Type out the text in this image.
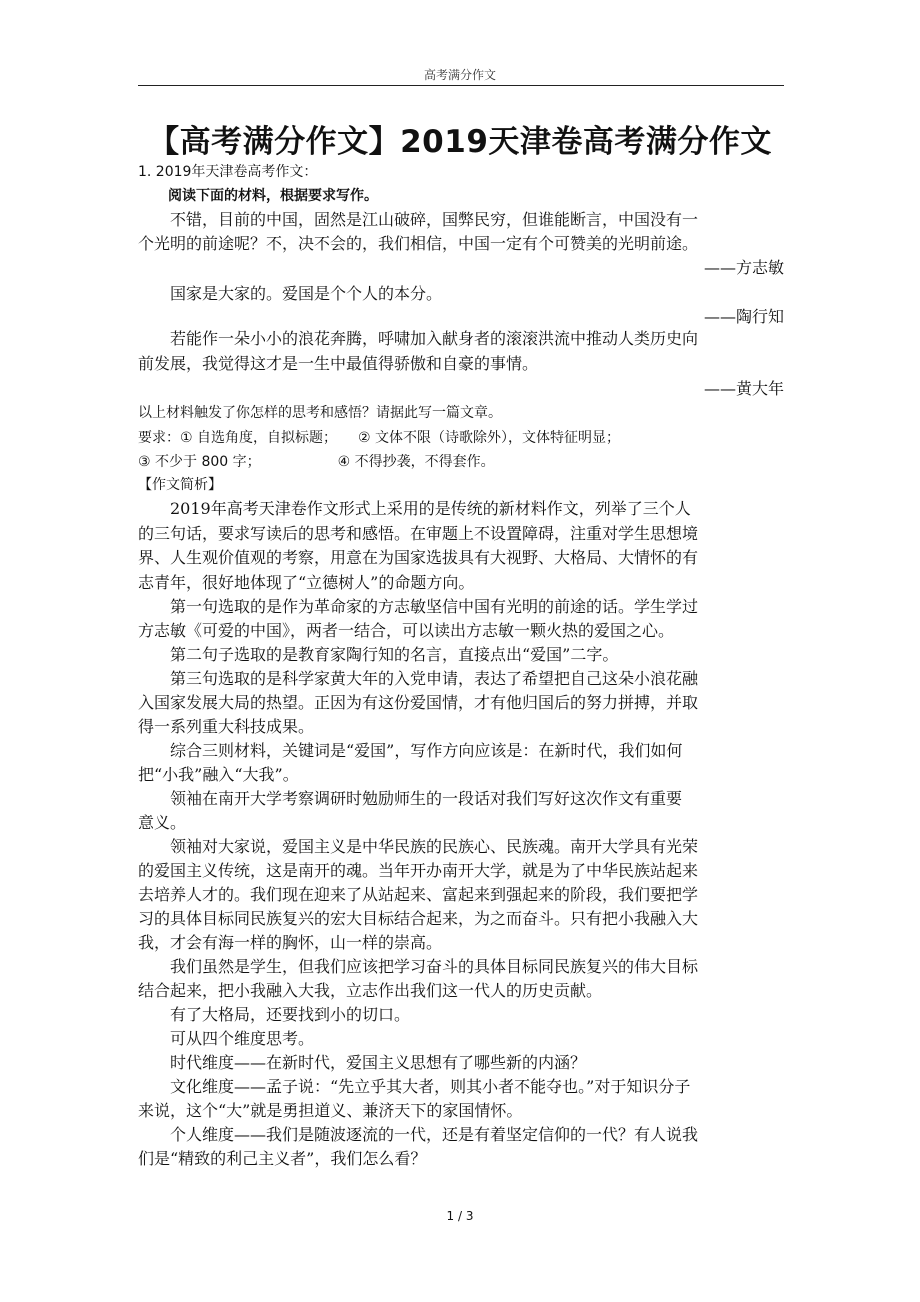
高考满分作文
【高考满分作文】2019天津卷高考满分作文
1. 2019年天津卷高考作文：
阅读下面的材料，根据要求写作。
　　不错，目前的中国，固然是江山破碎，国弊民穷，但谁能断言，中国没有一
个光明的前途呢？不，决不会的，我们相信，中国一定有个可赞美的光明前途。
——方志敏
　　国家是大家的。爱国是个个人的本分。
——陶行知
　　若能作一朵小小的浪花奔腾，呼啸加入献身者的滚滚洪流中推动人类历史向
前发展，我觉得这才是一生中最值得骄傲和自豪的事情。
——黄大年
以上材料触发了你怎样的思考和感悟？请据此写一篇文章。
要求：① 自选角度，自拟标题；　　② 文体不限（诗歌除外），文体特征明显；
③ 不少于 800 字；　　　　　　④ 不得抄袭，不得套作。
【作文简析】
　　2019年高考天津卷作文形式上采用的是传统的新材料作文，列举了三个人
的三句话，要求写读后的思考和感悟。在审题上不设置障碍，注重对学生思想境
界、人生观价值观的考察，用意在为国家选拔具有大视野、大格局、大情怀的有
志青年，很好地体现了“立德树人”的命题方向。
　　第一句选取的是作为革命家的方志敏坚信中国有光明的前途的话。学生学过
方志敏《可爱的中国》，两者一结合，可以读出方志敏一颗火热的爱国之心。
　　第二句子选取的是教育家陶行知的名言，直接点出“爱国”二字。
　　第三句选取的是科学家黄大年的入党申请，表达了希望把自己这朵小浪花融
入国家发展大局的热望。正因为有这份爱国情，才有他归国后的努力拼搏，并取
得一系列重大科技成果。
　　综合三则材料，关键词是“爱国”，写作方向应该是：在新时代，我们如何
把“小我”融入“大我”。
　　领袖在南开大学考察调研时勉励师生的一段话对我们写好这次作文有重要
意义。
　　领袖对大家说，爱国主义是中华民族的民族心、民族魂。南开大学具有光荣
的爱国主义传统，这是南开的魂。当年开办南开大学，就是为了中华民族站起来
去培养人才的。我们现在迎来了从站起来、富起来到强起来的阶段，我们要把学
习的具体目标同民族复兴的宏大目标结合起来，为之而奋斗。只有把小我融入大
我，才会有海一样的胸怀，山一样的崇高。
　　我们虽然是学生，但我们应该把学习奋斗的具体目标同民族复兴的伟大目标
结合起来，把小我融入大我，立志作出我们这一代人的历史贡献。
　　有了大格局，还要找到小的切口。
　　可从四个维度思考。
　　时代维度——在新时代，爱国主义思想有了哪些新的内涵？
　　文化维度——孟子说：“先立乎其大者，则其小者不能夺也。”对于知识分子
来说，这个“大”就是勇担道义、兼济天下的家国情怀。
　　个人维度——我们是随波逐流的一代，还是有着坚定信仰的一代？有人说我
们是“精致的利己主义者”，我们怎么看？
1 / 3
